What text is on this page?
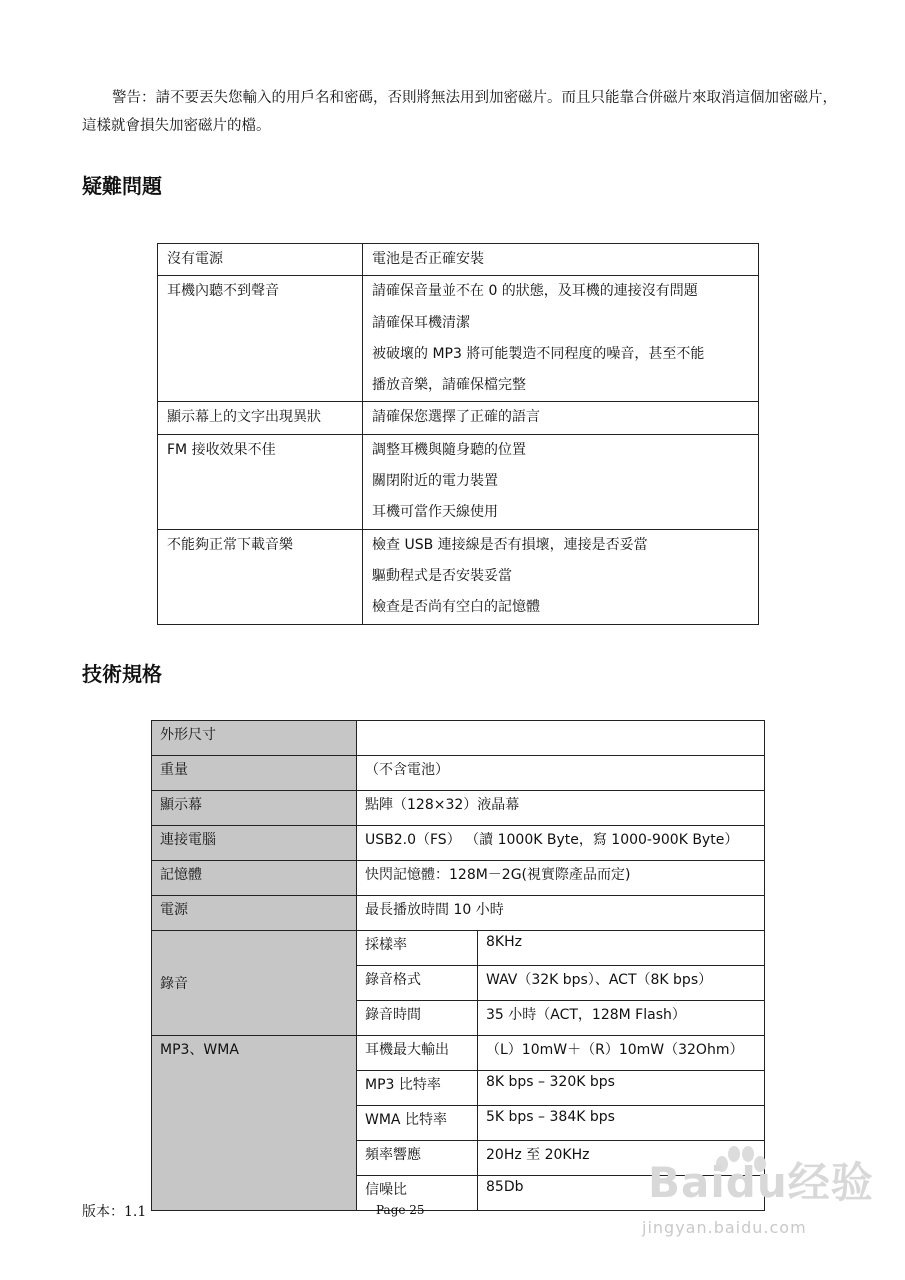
警告：請不要丟失您輸入的用戶名和密碼，否則將無法用到加密磁片。而且只能靠合併磁片來取消這個加密磁片，這樣就會損失加密磁片的檔。

疑難問題
沒有電源	電池是否正確安裝

耳機內聽不到聲音	請確保音量並不在 0 的狀態，及耳機的連接沒有問題
請確保耳機清潔
被破壞的 MP3 將可能製造不同程度的噪音，甚至不能
播放音樂，請確保檔完整

顯示幕上的文字出現異狀	請確保您選擇了正確的語言

FM 接收效果不佳	調整耳機與隨身聽的位置
關閉附近的電力裝置
耳機可當作天線使用

不能夠正常下載音樂	檢查 USB 連接線是否有損壞，連接是否妥當
驅動程式是否安裝妥當
檢查是否尚有空白的記憶體
技術規格
外形尺寸		
重量	（不含電池）	
顯示幕	點陣（128×32）液晶幕	
連接電腦	USB2.0（FS） （讀 1000K Byte，寫 1000-900K Byte）	
記憶體	快閃記憶體：128M－2G(視實際產品而定)	
電源	最長播放時間 10 小時	
錄音	採樣率	8KHz
	錄音格式	WAV（32K bps）、ACT（8K bps）
	錄音時間	35 小時（ACT，128M Flash）
MP3、WMA	耳機最大輸出	（L）10mW＋（R）10mW（32Ohm）
	MP3 比特率	8K bps – 320K bps
	WMA 比特率	5K bps – 384K bps
	頻率響應	20Hz 至 20KHz
	信噪比	85Db
版本：1.1	Page 25
Baidu经验
jingyan.baidu.com
